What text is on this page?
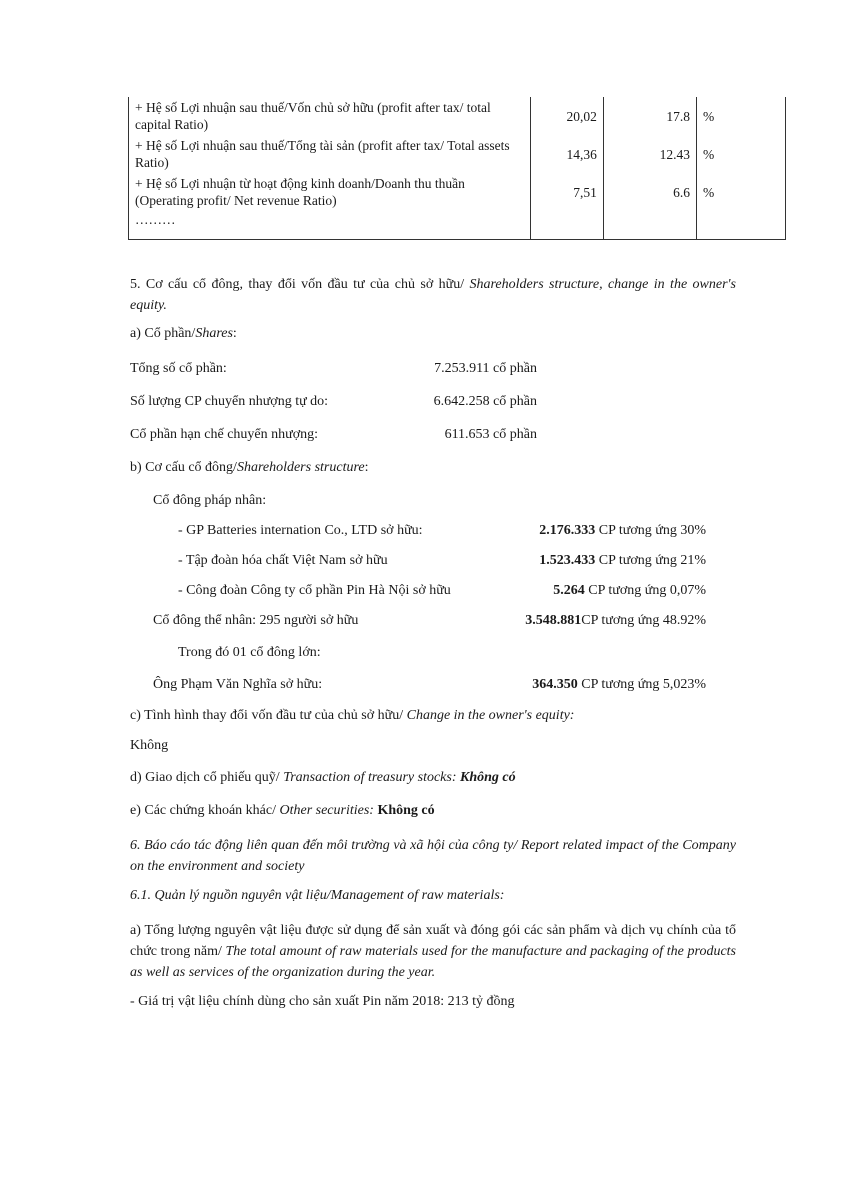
+ Hệ số Lợi nhuận sau thuế/Vốn chủ sở hữu (profit after tax/ total capital Ratio)	20,02	17.8	%
+ Hệ số Lợi nhuận sau thuế/Tổng tài sản (profit after tax/ Total assets Ratio)	14,36	12.43	%
+ Hệ số Lợi nhuận từ hoạt động kinh doanh/Doanh thu thuần (Operating profit/ Net revenue Ratio)	7,51	6.6	%
………			
5. Cơ cấu cổ đông, thay đổi vốn đầu tư của chủ sở hữu/ Shareholders structure, change in the owner's equity.
a) Cổ phần/Shares:
Tổng số cổ phần:	7.253.911 cổ phần
Số lượng CP chuyển nhượng tự do:	6.642.258 cổ phần
Cổ phần hạn chế chuyển nhượng:	611.653 cổ phần
b) Cơ cấu cổ đông/Shareholders structure:
Cổ đông pháp nhân:
- GP Batteries internation Co., LTD sở hữu:	2.176.333 CP tương ứng 30%
- Tập đoàn hóa chất Việt Nam sở hữu	1.523.433 CP tương ứng 21%
- Công đoàn Công ty cổ phần Pin Hà Nội sở hữu	5.264 CP tương ứng 0,07%
Cổ đông thể nhân: 295 người sở hữu	3.548.881CP tương ứng 48.92%
Trong đó 01 cổ đông lớn:
Ông Phạm Văn Nghĩa sở hữu:	364.350 CP tương ứng 5,023%
c) Tình hình thay đổi vốn đầu tư của chủ sở hữu/ Change in the owner's equity:
Không
d) Giao dịch cổ phiếu quỹ/ Transaction of treasury stocks: Không có
e) Các chứng khoán khác/ Other securities: Không có
6. Báo cáo tác động liên quan đến môi trường và xã hội của công ty/ Report related impact of the Company on the environment and society
6.1. Quản lý nguồn nguyên vật liệu/Management of raw materials:
a) Tổng lượng nguyên vật liệu được sử dụng để sản xuất và đóng gói các sản phẩm và dịch vụ chính của tổ chức trong năm/ The total amount of raw materials used for the manufacture and packaging of the products as well as services of the organization during the year.
- Giá trị vật liệu chính dùng cho sản xuất Pin năm 2018: 213 tỷ đồng
